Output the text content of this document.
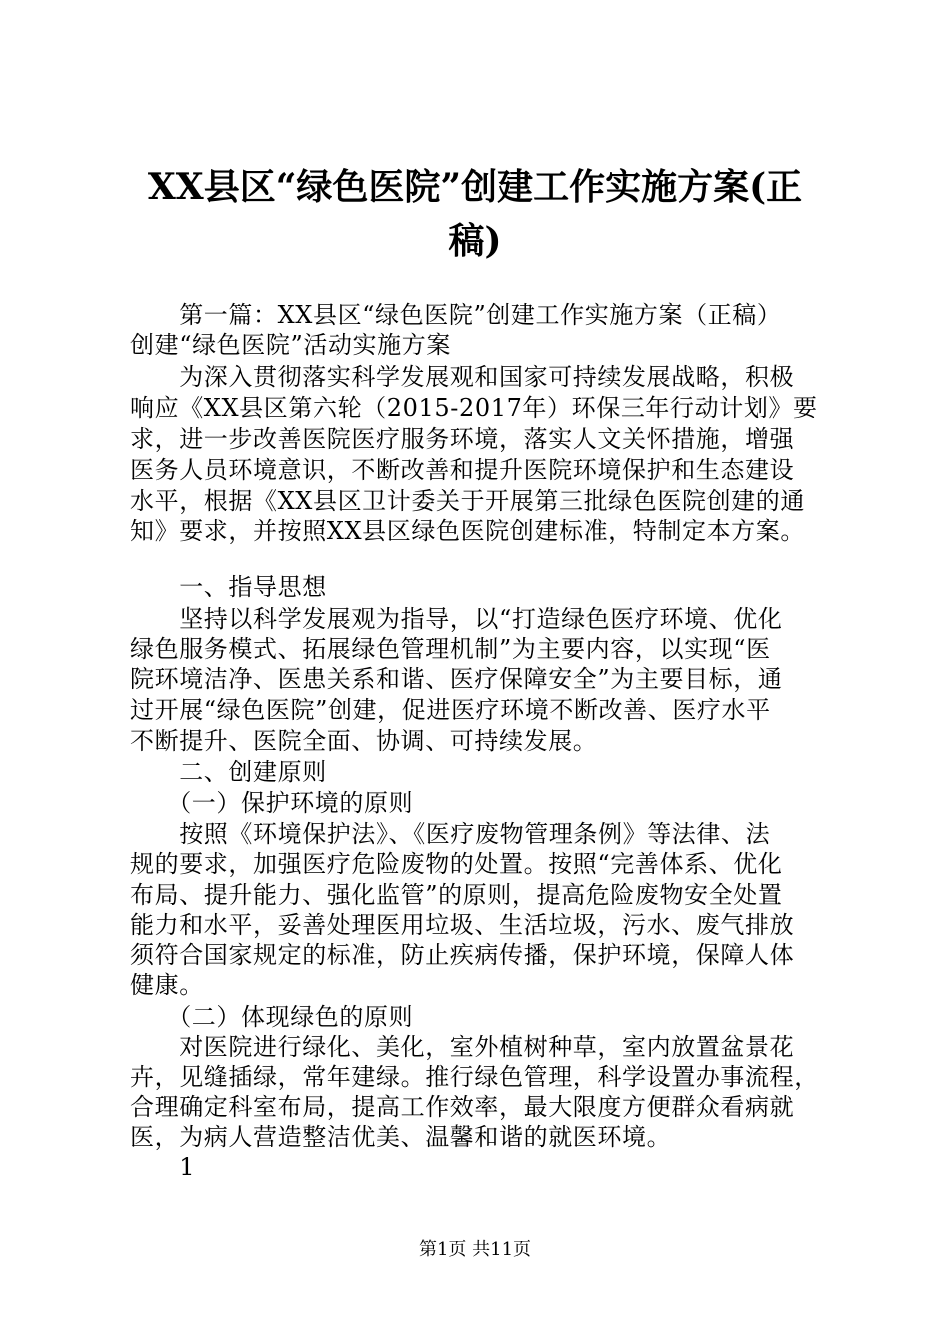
XX县区“绿色医院”创建工作实施方案(正
稿)
　　第一篇：XX县区“绿色医院”创建工作实施方案（正稿）
创建“绿色医院”活动实施方案
　　为深入贯彻落实科学发展观和国家可持续发展战略，积极
响应《XX县区第六轮（2015-2017年）环保三年行动计划》要
求，进一步改善医院医疗服务环境，落实人文关怀措施，增强
医务人员环境意识，不断改善和提升医院环境保护和生态建设
水平，根据《XX县区卫计委关于开展第三批绿色医院创建的通
知》要求，并按照XX县区绿色医院创建标准，特制定本方案。
　　一、指导思想
　　坚持以科学发展观为指导，以“打造绿色医疗环境、优化
绿色服务模式、拓展绿色管理机制”为主要内容，以实现“医
院环境洁净、医患关系和谐、医疗保障安全”为主要目标，通
过开展“绿色医院”创建，促进医疗环境不断改善、医疗水平
不断提升、医院全面、协调、可持续发展。
　　二、创建原则
　　（一）保护环境的原则
　　按照《环境保护法》、《医疗废物管理条例》等法律、法
规的要求，加强医疗危险废物的处置。按照“完善体系、优化
布局、提升能力、强化监管”的原则，提高危险废物安全处置
能力和水平，妥善处理医用垃圾、生活垃圾，污水、废气排放
须符合国家规定的标准，防止疾病传播，保护环境，保障人体
健康。
　　（二）体现绿色的原则
　　对医院进行绿化、美化，室外植树种草，室内放置盆景花
卉，见缝插绿，常年建绿。推行绿色管理，科学设置办事流程，
合理确定科室布局，提高工作效率，最大限度方便群众看病就
医，为病人营造整洁优美、温馨和谐的就医环境。
　　1
第1页 共11页
